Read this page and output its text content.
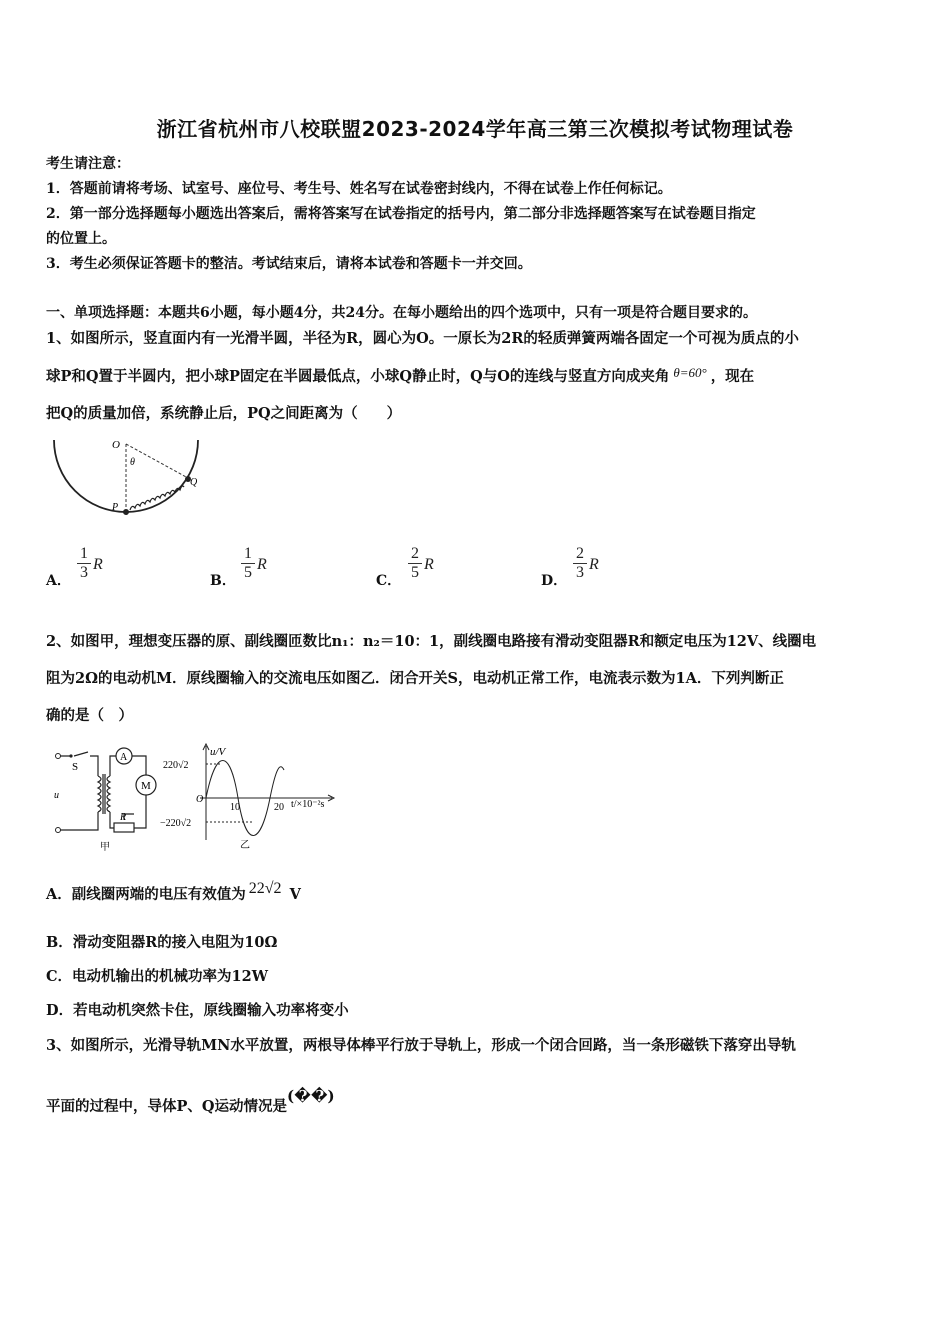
浙江省杭州市八校联盟2023-2024学年高三第三次模拟考试物理试卷
考生请注意：
1．答题前请将考场、试室号、座位号、考生号、姓名写在试卷密封线内，不得在试卷上作任何标记。
2．第一部分选择题每小题选出答案后，需将答案写在试卷指定的括号内，第二部分非选择题答案写在试卷题目指定
的位置上。
3．考生必须保证答题卡的整洁。考试结束后，请将本试卷和答题卡一并交回。
一、单项选择题：本题共6小题，每小题4分，共24分。在每小题给出的四个选项中，只有一项是符合题目要求的。
1、如图所示，竖直面内有一光滑半圆，半径为R，圆心为O。一原长为2R的轻质弹簧两端各固定一个可视为质点的小
球P和Q置于半圆内，把小球P固定在半圆最低点，小球Q静止时，Q与O的连线与竖直方向成夹角 θ=60° ，现在
把Q的质量加倍，系统静止后，PQ之间距离为（　　）
O
θ
Q
P
A． $\frac{1}{3}$ R
B． $\frac{1}{5}$ R
C． $\frac{2}{5}$ R
D． $\frac{2}{3}$ R
2、如图甲，理想变压器的原、副线圈匝数比n₁：n₂＝10：1，副线圈电路接有滑动变阻器R和额定电压为12V、线圈电
阻为2Ω的电动机M．原线圈输入的交流电压如图乙．闭合开关S，电动机正常工作，电流表示数为1A．下列判断正
确的是（　）
S
A
M
R
u
甲
u/V
220√2
−220√2
O
10	20 t/×10⁻²s
乙
A．副线圈两端的电压有效值为 22√2 V
B．滑动变阻器R的接入电阻为10Ω
C．电动机输出的机械功率为12W
D．若电动机突然卡住，原线圈输入功率将变小
3、如图所示，光滑导轨MN水平放置，两根导体棒平行放于导轨上，形成一个闭合回路，当一条形磁铁下落穿出导轨
平面的过程中，导体P、Q运动情况是(��)
